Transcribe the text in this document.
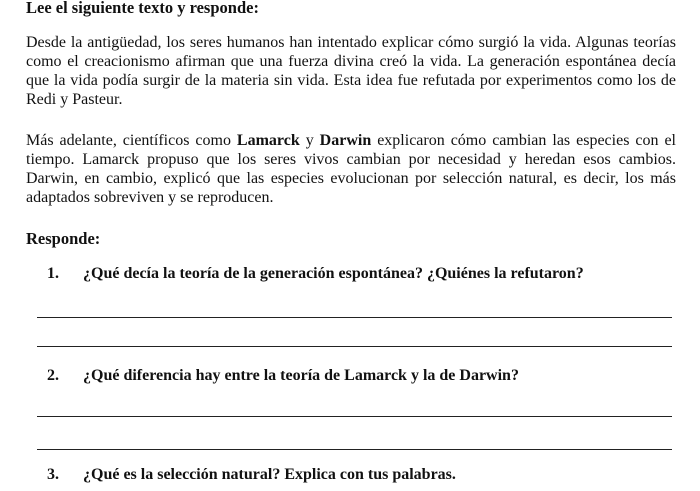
Lee el siguiente texto y responde:
Desde la antigüedad, los seres humanos han intentado explicar cómo surgió la vida. Algunas teorías como el creacionismo afirman que una fuerza divina creó la vida. La generación espontánea decía que la vida podía surgir de la materia sin vida. Esta idea fue refutada por experimentos como los de Redi y Pasteur.
Más adelante, científicos como Lamarck y Darwin explicaron cómo cambian las especies con el tiempo. Lamarck propuso que los seres vivos cambian por necesidad y heredan esos cambios. Darwin, en cambio, explicó que las especies evolucionan por selección natural, es decir, los más adaptados sobreviven y se reproducen.
Responde:
1. ¿Qué decía la teoría de la generación espontánea? ¿Quiénes la refutaron?
2. ¿Qué diferencia hay entre la teoría de Lamarck y la de Darwin?
3. ¿Qué es la selección natural? Explica con tus palabras.
